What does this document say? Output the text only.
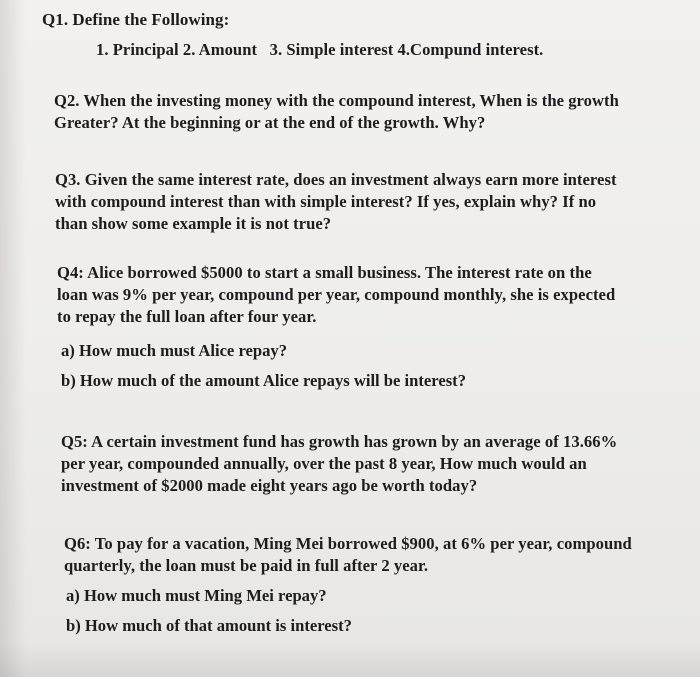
Q1. Define the Following:
1. Principal 2. Amount   3. Simple interest 4.Compund interest.
Q2. When the investing money with the compound interest, When is the growth
Greater? At the beginning or at the end of the growth. Why?
Q3. Given the same interest rate, does an investment always earn more interest
with compound interest than with simple interest? If yes, explain why? If no
than show some example it is not true?
Q4: Alice borrowed $5000 to start a small business. The interest rate on the
loan was 9% per year, compound per year, compound monthly, she is expected
to repay the full loan after four year.
a) How much must Alice repay?
b) How much of the amount Alice repays will be interest?
Q5: A certain investment fund has growth has grown by an average of 13.66%
per year, compounded annually, over the past 8 year, How much would an
investment of $2000 made eight years ago be worth today?
Q6: To pay for a vacation, Ming Mei borrowed $900, at 6% per year, compound
quarterly, the loan must be paid in full after 2 year.
a) How much must Ming Mei repay?
b) How much of that amount is interest?
